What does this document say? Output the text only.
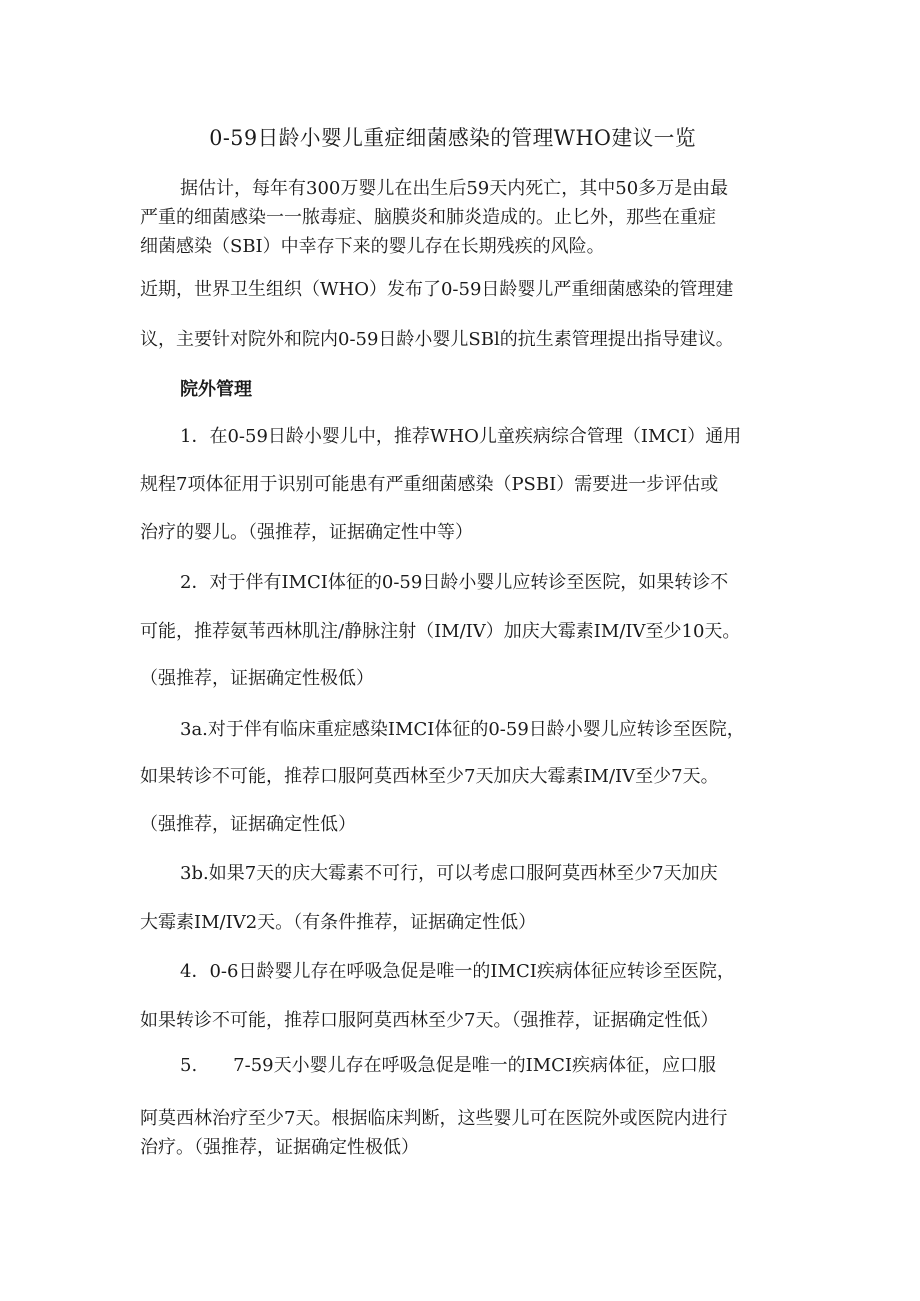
0-59日龄小婴儿重症细菌感染的管理WHO建议一览
据估计，每年有300万婴儿在出生后59天内死亡，其中50多万是由最
严重的细菌感染一一脓毒症、脑膜炎和肺炎造成的。止匕外，那些在重症
细菌感染（SBI）中幸存下来的婴儿存在长期残疾的风险。
近期，世界卫生组织（WHO）发布了0-59日龄婴儿严重细菌感染的管理建
议，主要针对院外和院内0-59日龄小婴儿SBl的抗生素管理提出指导建议。
院外管理
1．在0-59日龄小婴儿中，推荐WHO儿童疾病综合管理（IMCI）通用
规程7项体征用于识别可能患有严重细菌感染（PSBI）需要进一步评估或
治疗的婴儿。（强推荐，证据确定性中等）
2．对于伴有IMCI体征的0-59日龄小婴儿应转诊至医院，如果转诊不
可能，推荐氨苇西林肌注/静脉注射（IM/IV）加庆大霉素IM/IV至少10天。
（强推荐，证据确定性极低）
3a.对于伴有临床重症感染IMCI体征的0-59日龄小婴儿应转诊至医院，
如果转诊不可能，推荐口服阿莫西林至少7天加庆大霉素IM/IV至少7天。
（强推荐，证据确定性低）
3b.如果7天的庆大霉素不可行，可以考虑口服阿莫西林至少7天加庆
大霉素IM/IV2天。（有条件推荐，证据确定性低）
4．0-6日龄婴儿存在呼吸急促是唯一的IMCI疾病体征应转诊至医院，
如果转诊不可能，推荐口服阿莫西林至少7天。（强推荐，证据确定性低）
5.　　7-59天小婴儿存在呼吸急促是唯一的IMCI疾病体征，应口服
阿莫西林治疗至少7天。根据临床判断，这些婴儿可在医院外或医院内进行
治疗。（强推荐，证据确定性极低）
